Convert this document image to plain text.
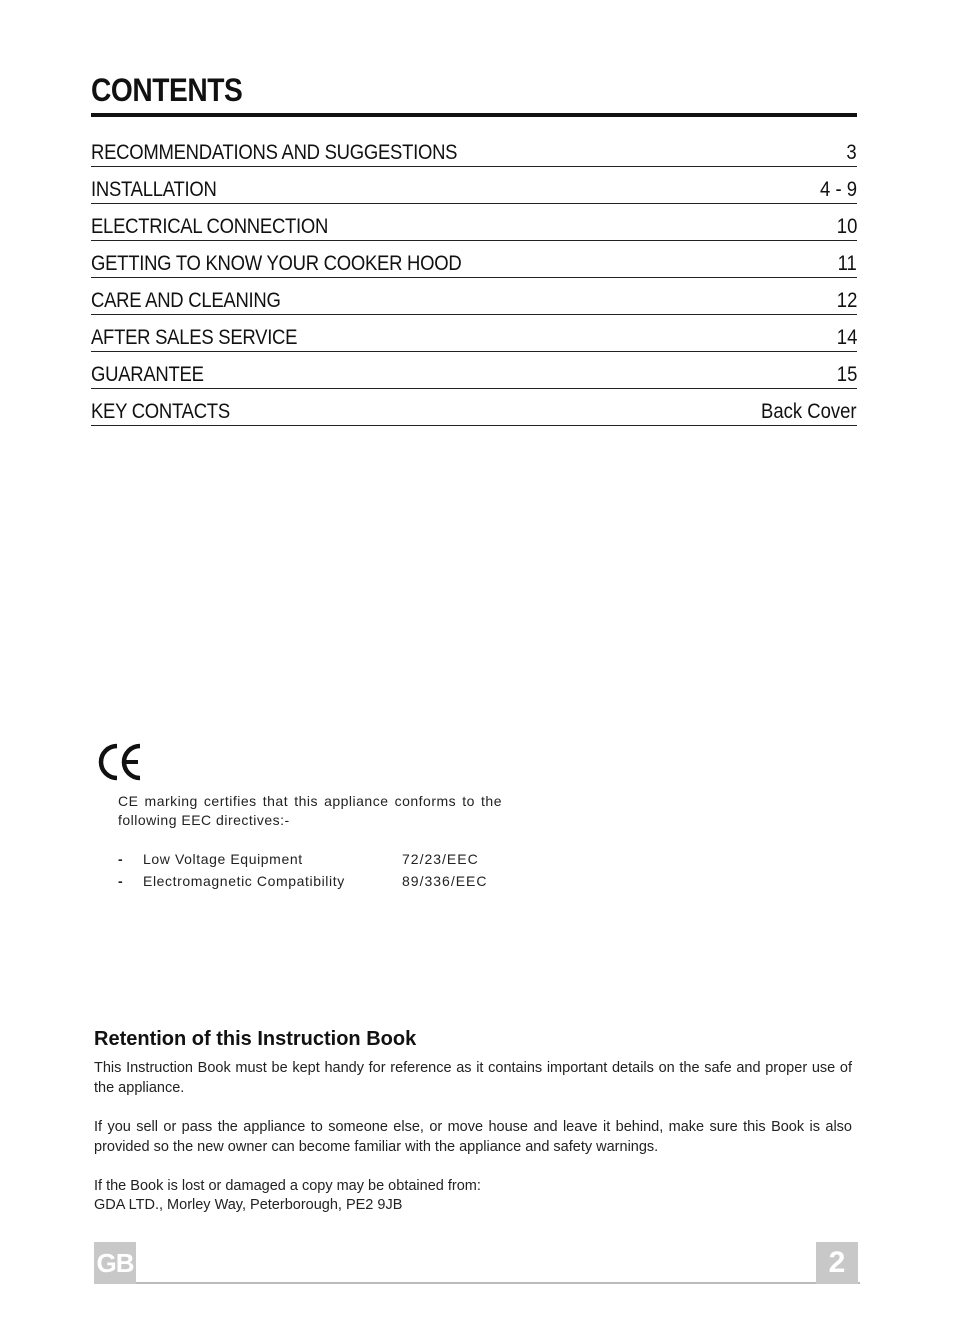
CONTENTS
RECOMMENDATIONS AND SUGGESTIONS	3
INSTALLATION	4 - 9
ELECTRICAL CONNECTION	10
GETTING TO KNOW YOUR COOKER HOOD	11
CARE AND CLEANING	12
AFTER SALES SERVICE	14
GUARANTEE	15
KEY CONTACTS	Back Cover
CE marking certifies that this appliance conforms to the following EEC directives:-
- Low Voltage Equipment	72/23/EEC
- Electromagnetic Compatibility	89/336/EEC
Retention of this Instruction Book
This Instruction Book must be kept handy for reference as it contains important details on the safe and proper use of the appliance.
If you sell or pass the appliance to someone else, or move house and leave it behind, make sure this Book is also provided so the new owner can become familiar with the appliance and safety warnings.
If the Book is lost or damaged a copy may be obtained from:
GDA LTD., Morley Way, Peterborough, PE2 9JB
GB	2
